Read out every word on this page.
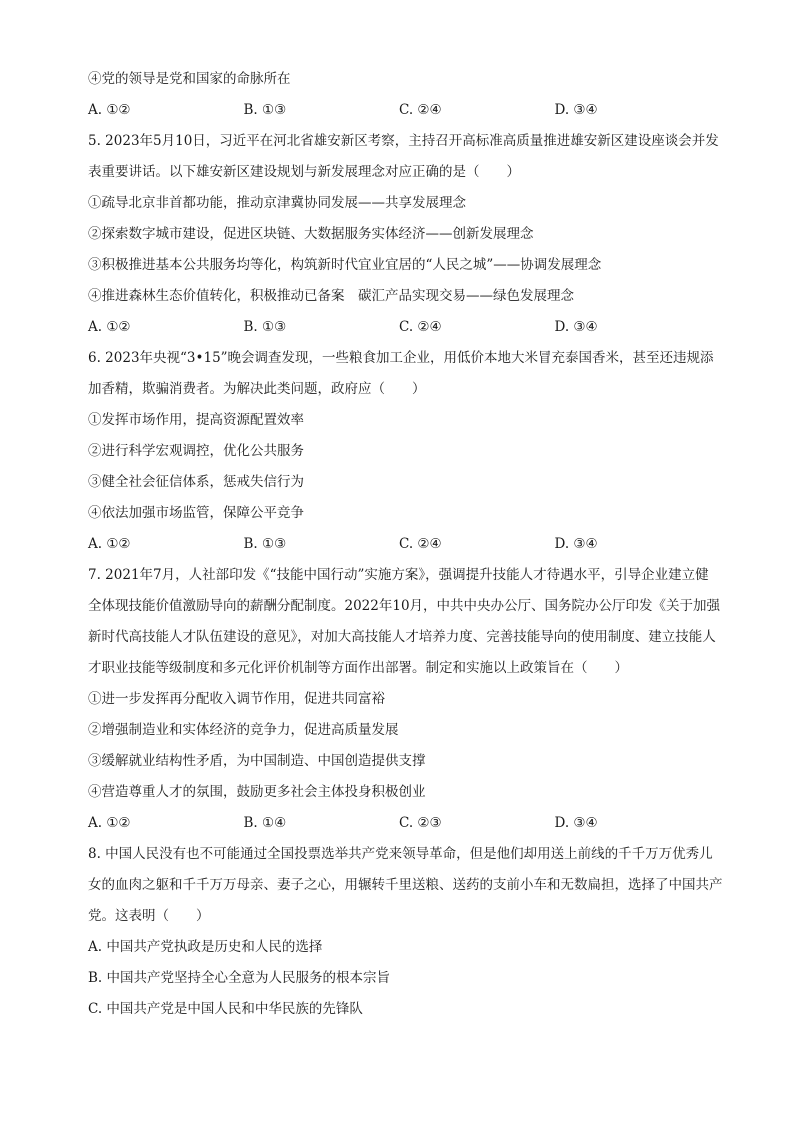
④党的领导是党和国家的命脉所在
A. ①②	B. ①③	C. ②④	D. ③④
5. 2023年5月10日，习近平在河北省雄安新区考察，主持召开高标准高质量推进雄安新区建设座谈会并发
表重要讲话。以下雄安新区建设规划与新发展理念对应正确的是（　　）
①疏导北京非首都功能，推动京津冀协同发展——共享发展理念
②探索数字城市建设，促进区块链、大数据服务实体经济——创新发展理念
③积极推进基本公共服务均等化，构筑新时代宜业宜居的“人民之城”——协调发展理念
④推进森林生态价值转化，积极推动已备案　碳汇产品实现交易——绿色发展理念
A. ①②	B. ①③	C. ②④	D. ③④
6. 2023年央视“3•15”晚会调查发现，一些粮食加工企业，用低价本地大米冒充泰国香米，甚至还违规添
加香精，欺骗消费者。为解决此类问题，政府应（　　）
①发挥市场作用，提高资源配置效率
②进行科学宏观调控，优化公共服务
③健全社会征信体系，惩戒失信行为
④依法加强市场监管，保障公平竞争
A. ①②	B. ①③	C. ②④	D. ③④
7. 2021年7月，人社部印发《“技能中国行动”实施方案》，强调提升技能人才待遇水平，引导企业建立健
全体现技能价值激励导向的薪酬分配制度。2022年10月，中共中央办公厅、国务院办公厅印发《关于加强
新时代高技能人才队伍建设的意见》，对加大高技能人才培养力度、完善技能导向的使用制度、建立技能人
才职业技能等级制度和多元化评价机制等方面作出部署。制定和实施以上政策旨在（　　）
①进一步发挥再分配收入调节作用，促进共同富裕
②增强制造业和实体经济的竞争力，促进高质量发展
③缓解就业结构性矛盾，为中国制造、中国创造提供支撑
④营造尊重人才的氛围，鼓励更多社会主体投身积极创业
A. ①②	B. ①④	C. ②③	D. ③④
8. 中国人民没有也不可能通过全国投票选举共产党来领导革命，但是他们却用送上前线的千千万万优秀儿
女的血肉之躯和千千万万母亲、妻子之心，用辗转千里送粮、送药的支前小车和无数扁担，选择了中国共产
党。这表明（　　）
A. 中国共产党执政是历史和人民的选择
B. 中国共产党坚持全心全意为人民服务的根本宗旨
C. 中国共产党是中国人民和中华民族的先锋队
